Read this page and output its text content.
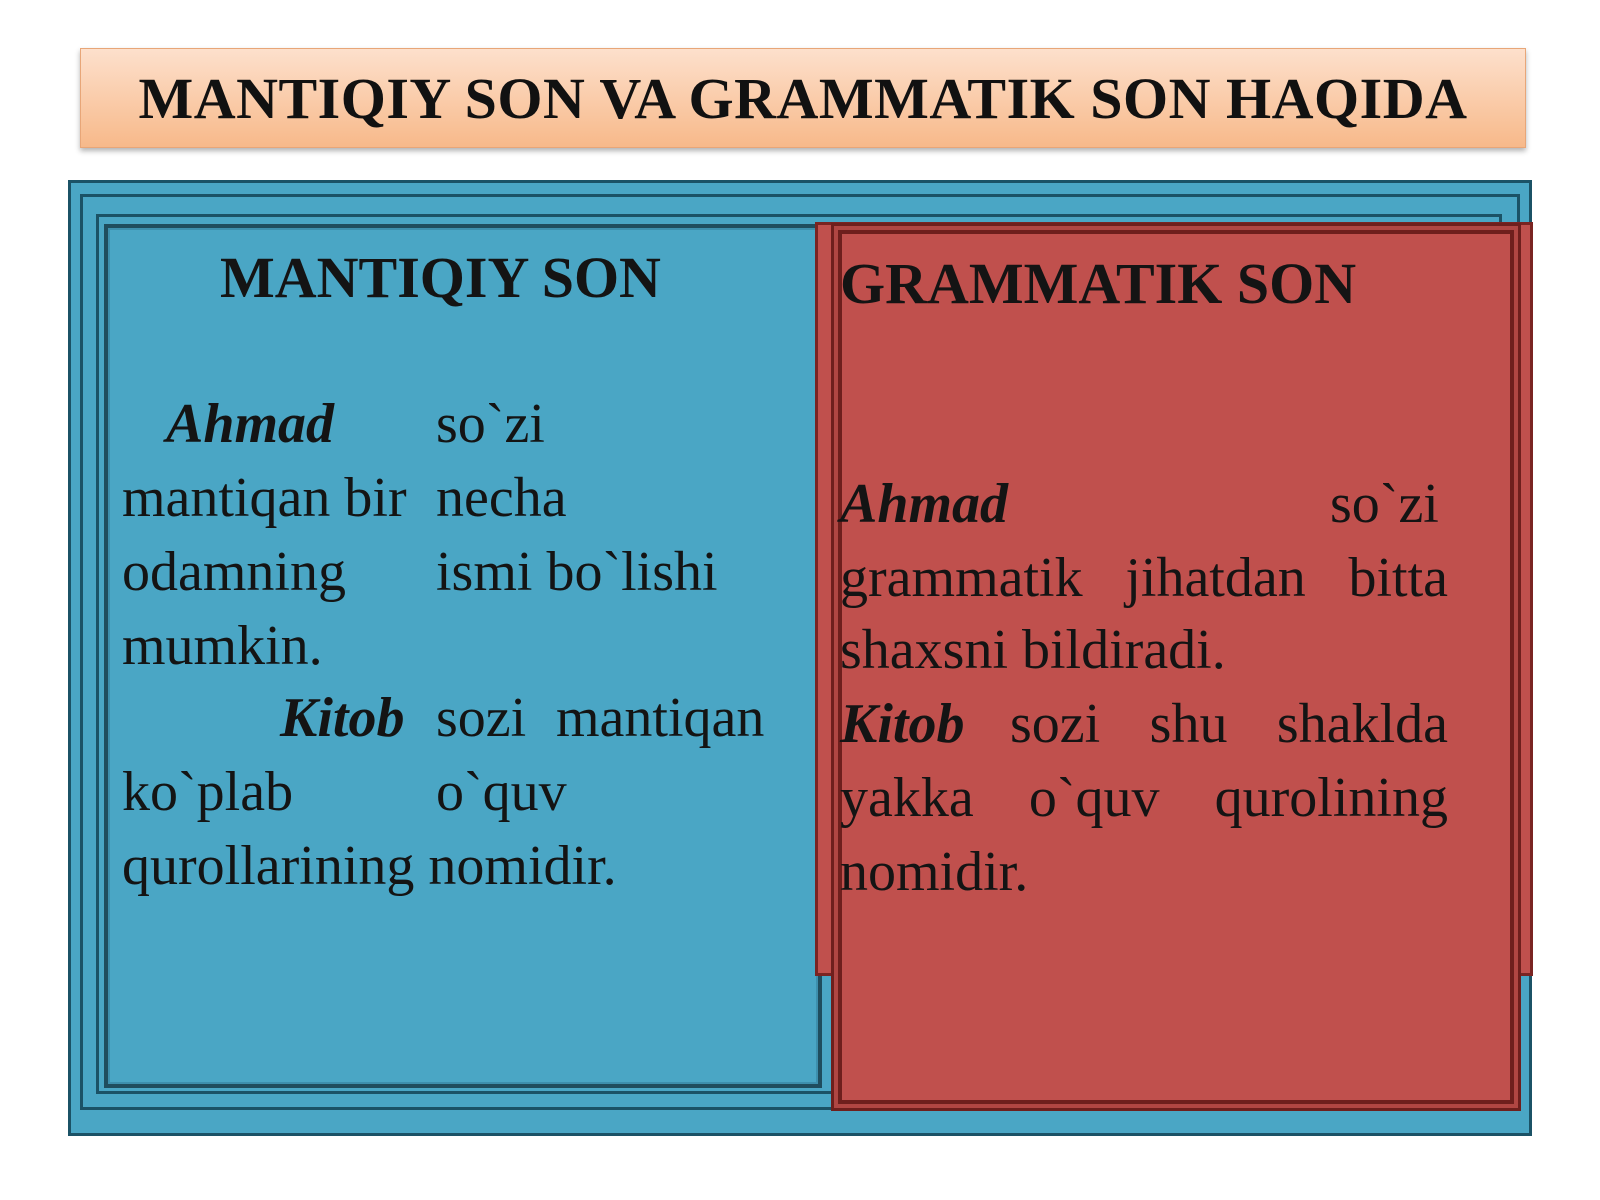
MANTIQIY SON VA GRAMMATIK SON HAQIDA
MANTIQIY SON
Ahmad so`zi
mantiqan bir necha
odamning ismi bo`lishi
mumkin.
Kitob sozi mantiqan
ko`plab	o`quv
qurollarining nomidir.
GRAMMATIK SON
Ahmad	so`zi
grammatik jihatdan bitta
shaxsni bildiradi.
Kitob sozi shu shaklda
yakka o`quv qurolining
nomidir.
